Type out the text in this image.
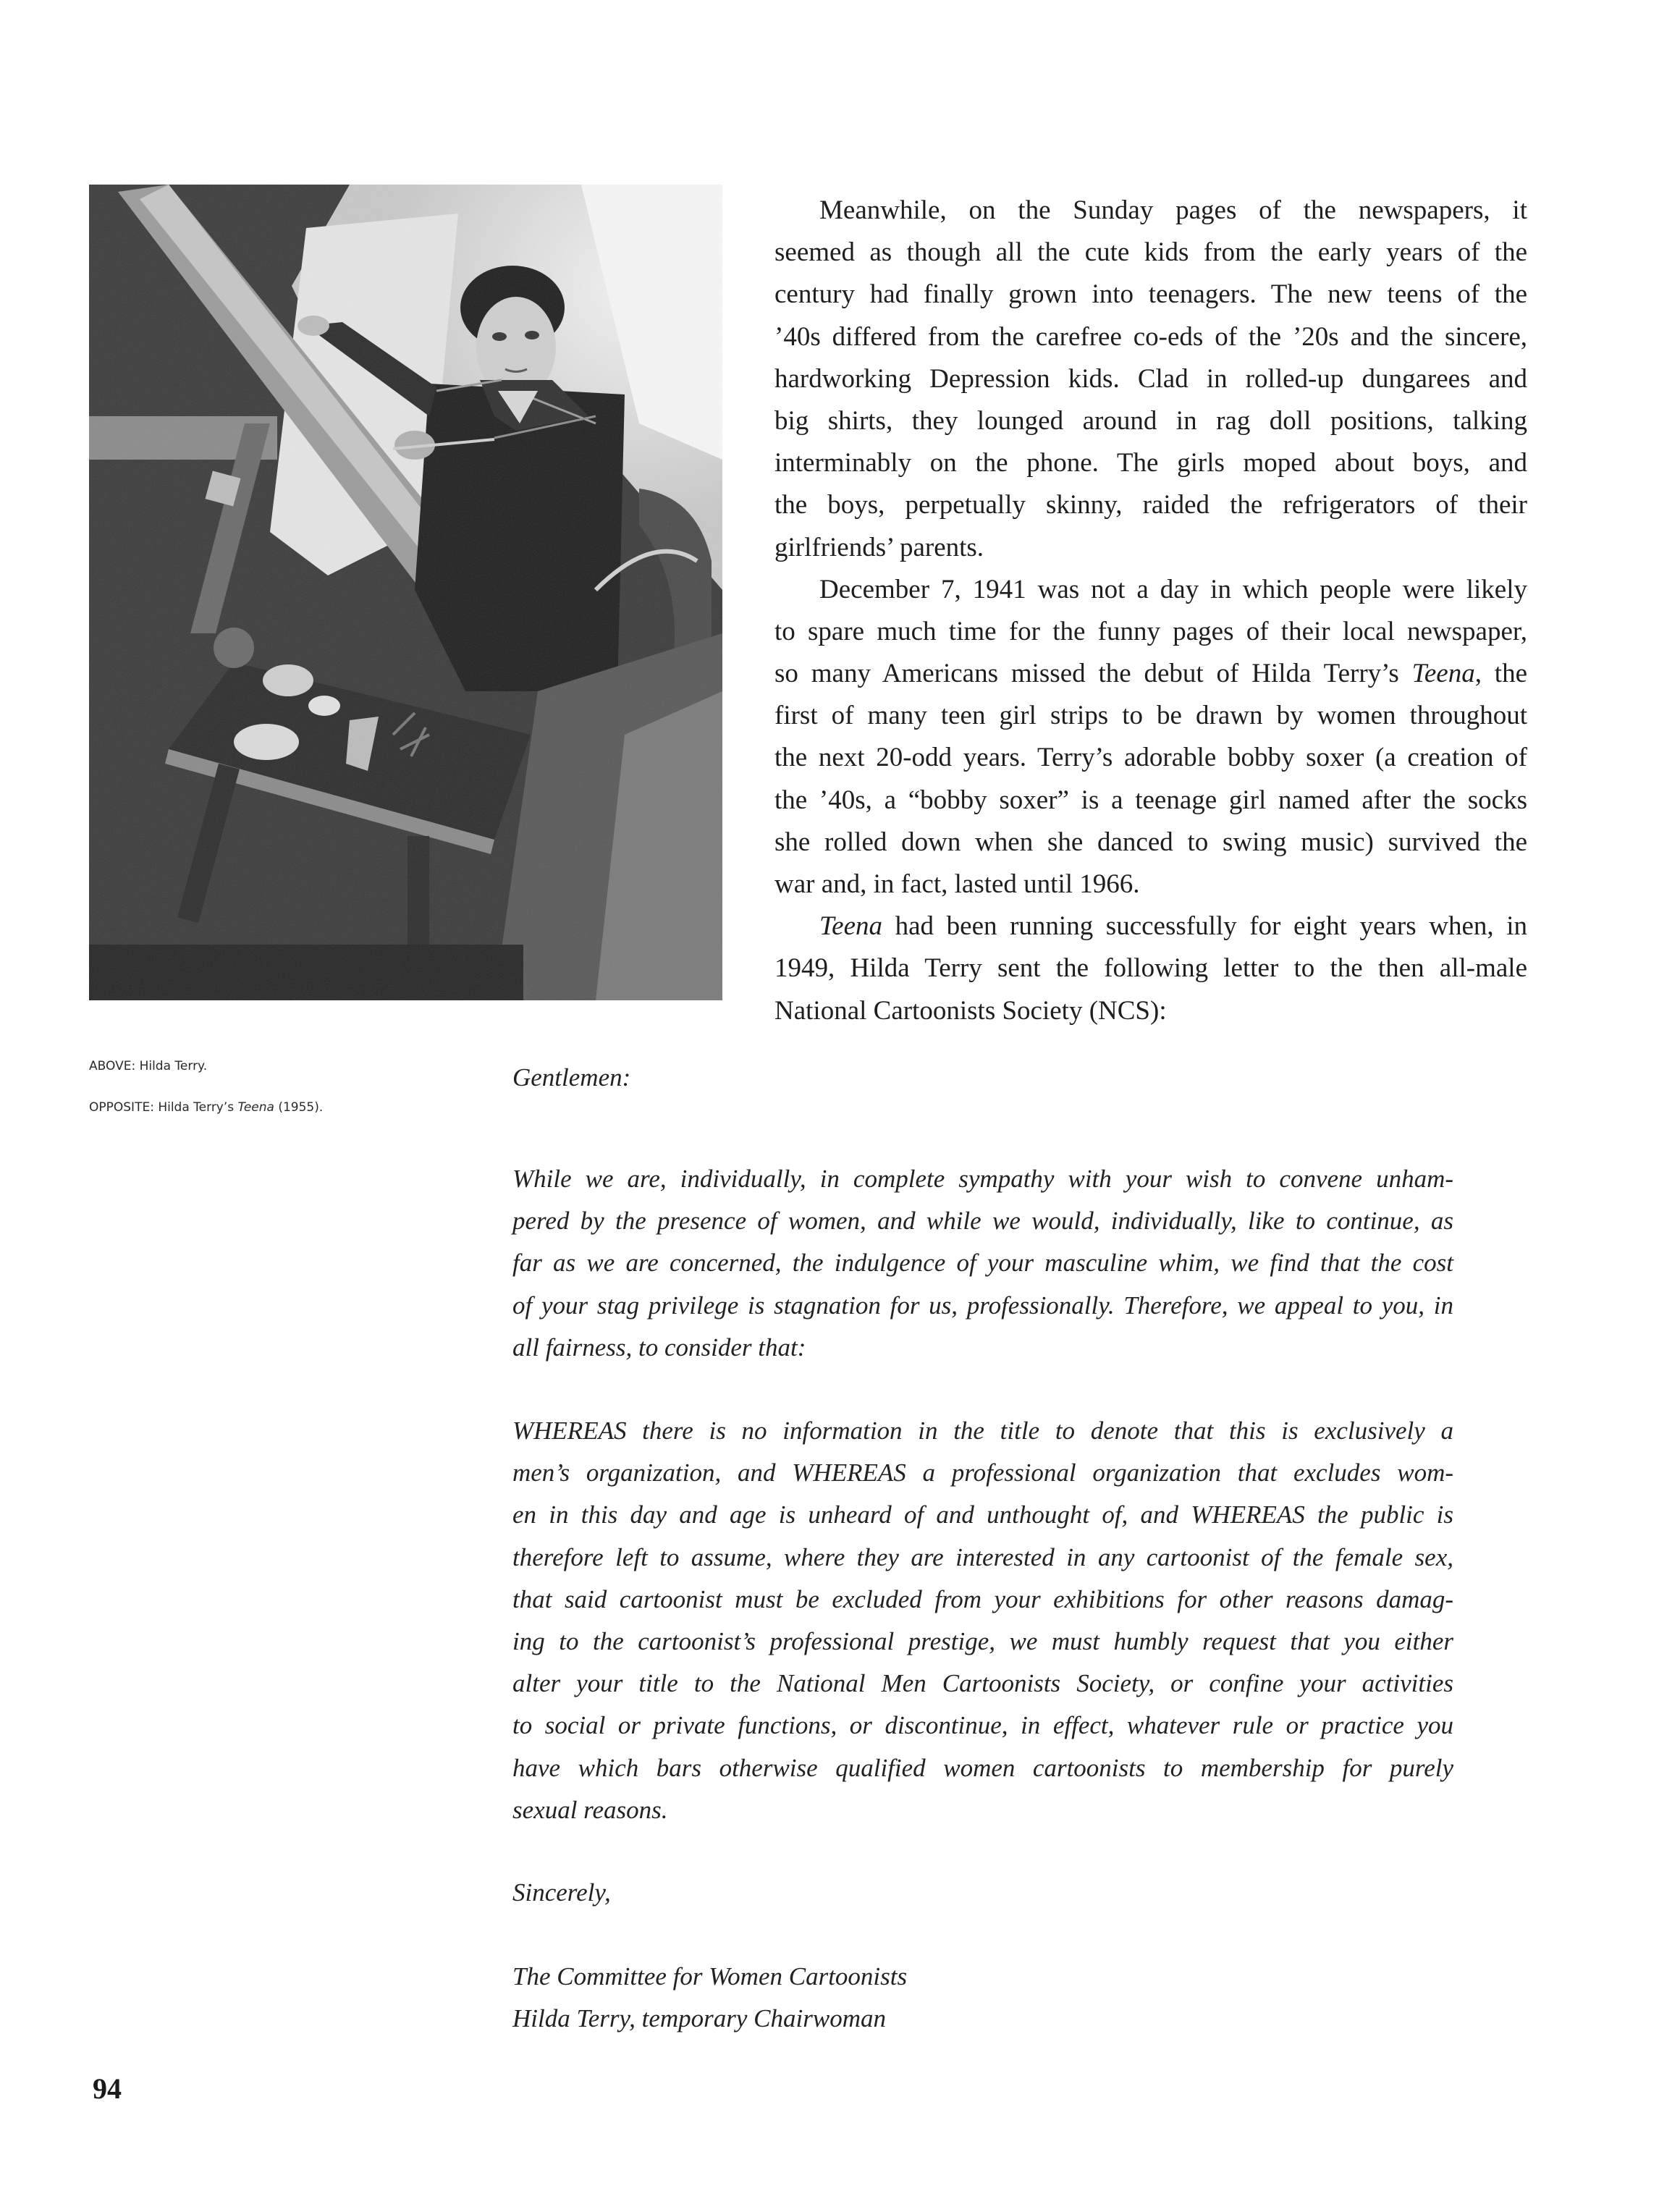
Meanwhile, on the Sunday pages of the newspapers, it
seemed as though all the cute kids from the early years of the
century had finally grown into teenagers. The new teens of the
’40s differed from the carefree co-eds of the ’20s and the sincere,
hardworking Depression kids. Clad in rolled-up dungarees and
big shirts, they lounged around in rag doll positions, talking
interminably on the phone. The girls moped about boys, and
the boys, perpetually skinny, raided the refrigerators of their
girlfriends’ parents.
December 7, 1941 was not a day in which people were likely
to spare much time for the funny pages of their local newspaper,
so many Americans missed the debut of Hilda Terry’s Teena, the
first of many teen girl strips to be drawn by women throughout
the next 20-odd years. Terry’s adorable bobby soxer (a creation of
the ’40s, a “bobby soxer” is a teenage girl named after the socks
she rolled down when she danced to swing music) survived the
war and, in fact, lasted until 1966.
Teena had been running successfully for eight years when, in
1949, Hilda Terry sent the following letter to the then all-male
National Cartoonists Society (NCS):
ABOVE: Hilda Terry.
OPPOSITE: Hilda Terry’s Teena (1955).
Gentlemen:
While we are, individually, in complete sympathy with your wish to convene unham-
pered by the presence of women, and while we would, individually, like to continue, as
far as we are concerned, the indulgence of your masculine whim, we find that the cost
of your stag privilege is stagnation for us, professionally. Therefore, we appeal to you, in
all fairness, to consider that:
WHEREAS there is no information in the title to denote that this is exclusively a
men’s organization, and WHEREAS a professional organization that excludes wom-
en in this day and age is unheard of and unthought of, and WHEREAS the public is
therefore left to assume, where they are interested in any cartoonist of the female sex,
that said cartoonist must be excluded from your exhibitions for other reasons damag-
ing to the cartoonist’s professional prestige, we must humbly request that you either
alter your title to the National Men Cartoonists Society, or confine your activities
to social or private functions, or discontinue, in effect, whatever rule or practice you
have which bars otherwise qualified women cartoonists to membership for purely
sexual reasons.
Sincerely,
The Committee for Women Cartoonists
Hilda Terry, temporary Chairwoman
94
